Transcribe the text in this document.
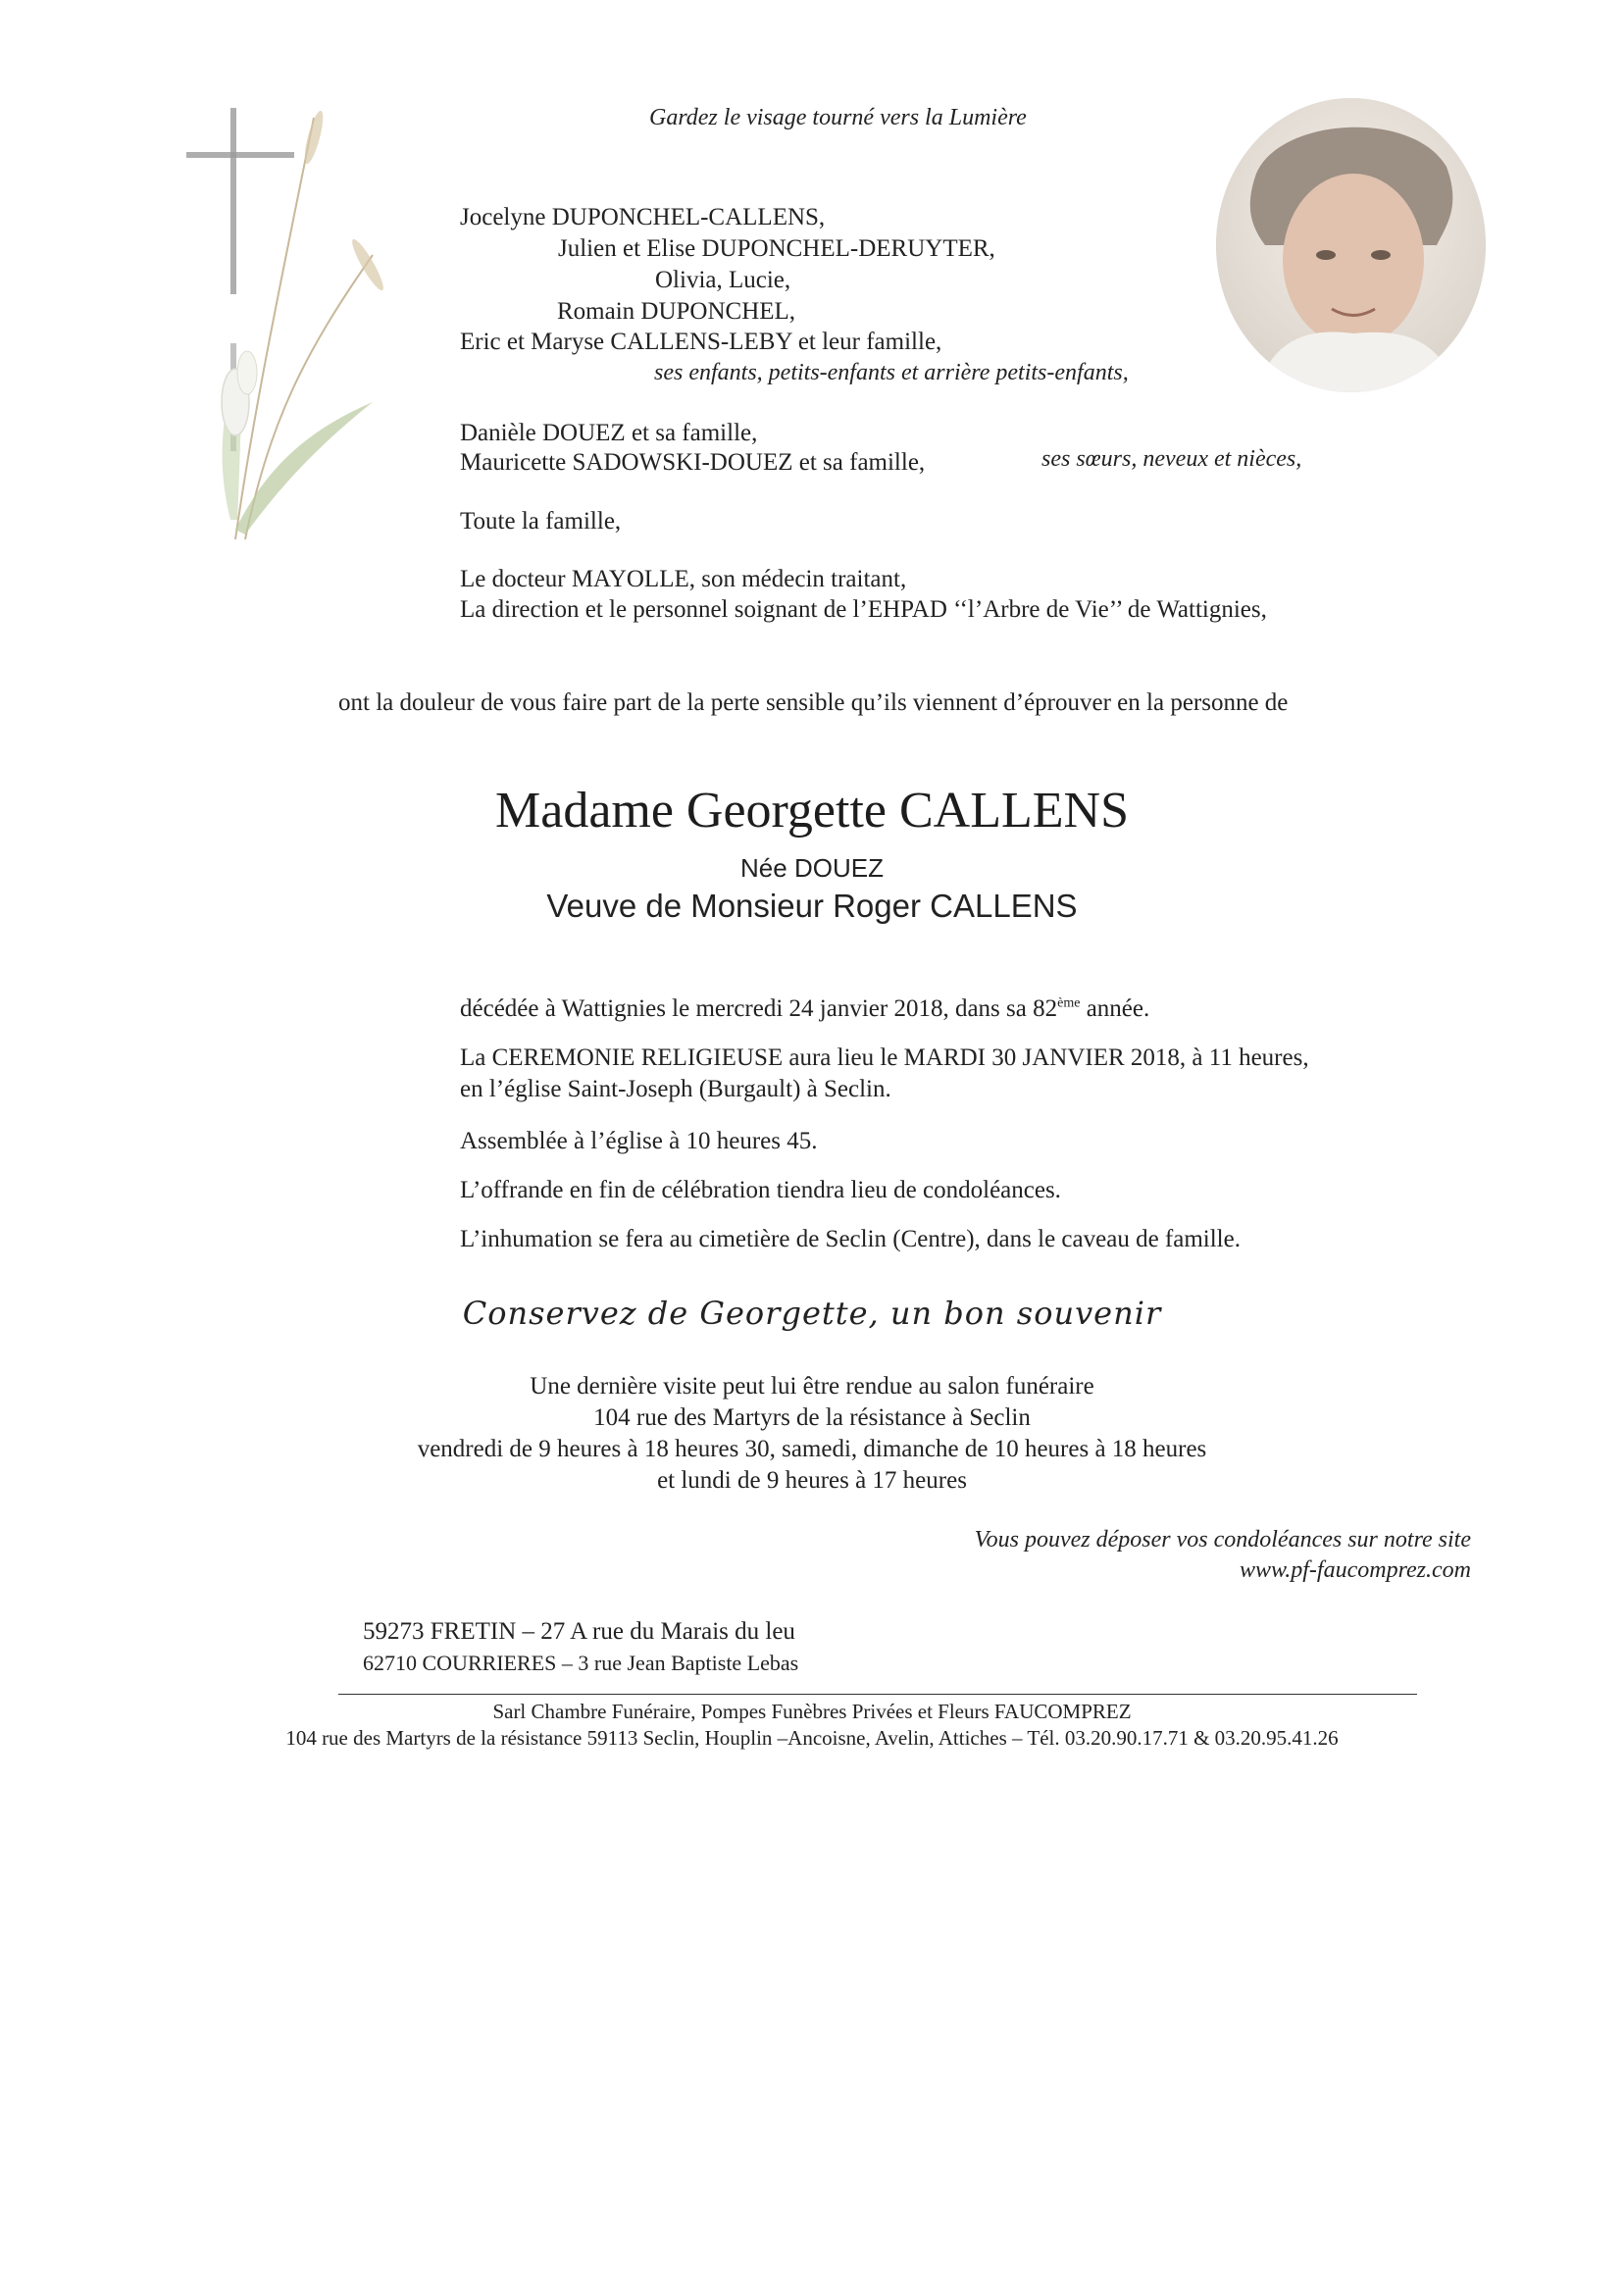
Gardez le visage tourné vers la Lumière
Jocelyne DUPONCHEL-CALLENS,
Julien et Elise DUPONCHEL-DERUYTER,
Olivia, Lucie,
Romain DUPONCHEL,
Eric et Maryse CALLENS-LEBY et leur famille,
ses enfants, petits-enfants et arrière petits-enfants,
Danièle DOUEZ et sa famille,
Mauricette SADOWSKI-DOUEZ et sa famille,	ses sœurs, neveux et nièces,
Toute la famille,
Le docteur MAYOLLE, son médecin traitant,
La direction et le personnel soignant de l’EHPAD ‘‘l’Arbre de Vie’’ de Wattignies,
ont la douleur de vous faire part de la perte sensible qu’ils viennent d’éprouver en la personne de
Madame Georgette CALLENS
Née DOUEZ
Veuve de Monsieur Roger CALLENS
décédée à Wattignies le mercredi 24 janvier 2018, dans sa 82ème année.
La CEREMONIE RELIGIEUSE aura lieu le MARDI 30 JANVIER 2018, à 11 heures,
en l’église Saint-Joseph (Burgault) à Seclin.
Assemblée à l’église à 10 heures 45.
L’offrande en fin de célébration tiendra lieu de condoléances.
L’inhumation se fera au cimetière de Seclin (Centre), dans le caveau de famille.
Conservez de Georgette, un bon souvenir
Une dernière visite peut lui être rendue au salon funéraire
104 rue des Martyrs de la résistance à Seclin
vendredi de 9 heures à 18 heures 30, samedi, dimanche de 10 heures à 18 heures
et lundi de 9 heures à 17 heures
Vous pouvez déposer vos condoléances sur notre site
www.pf-faucomprez.com
59273 FRETIN – 27 A rue du Marais du leu
62710 COURRIERES – 3 rue Jean Baptiste Lebas
Sarl Chambre Funéraire, Pompes Funèbres Privées et Fleurs FAUCOMPREZ
104 rue des Martyrs de la résistance 59113 Seclin, Houplin –Ancoisne, Avelin, Attiches – Tél. 03.20.90.17.71 & 03.20.95.41.26
